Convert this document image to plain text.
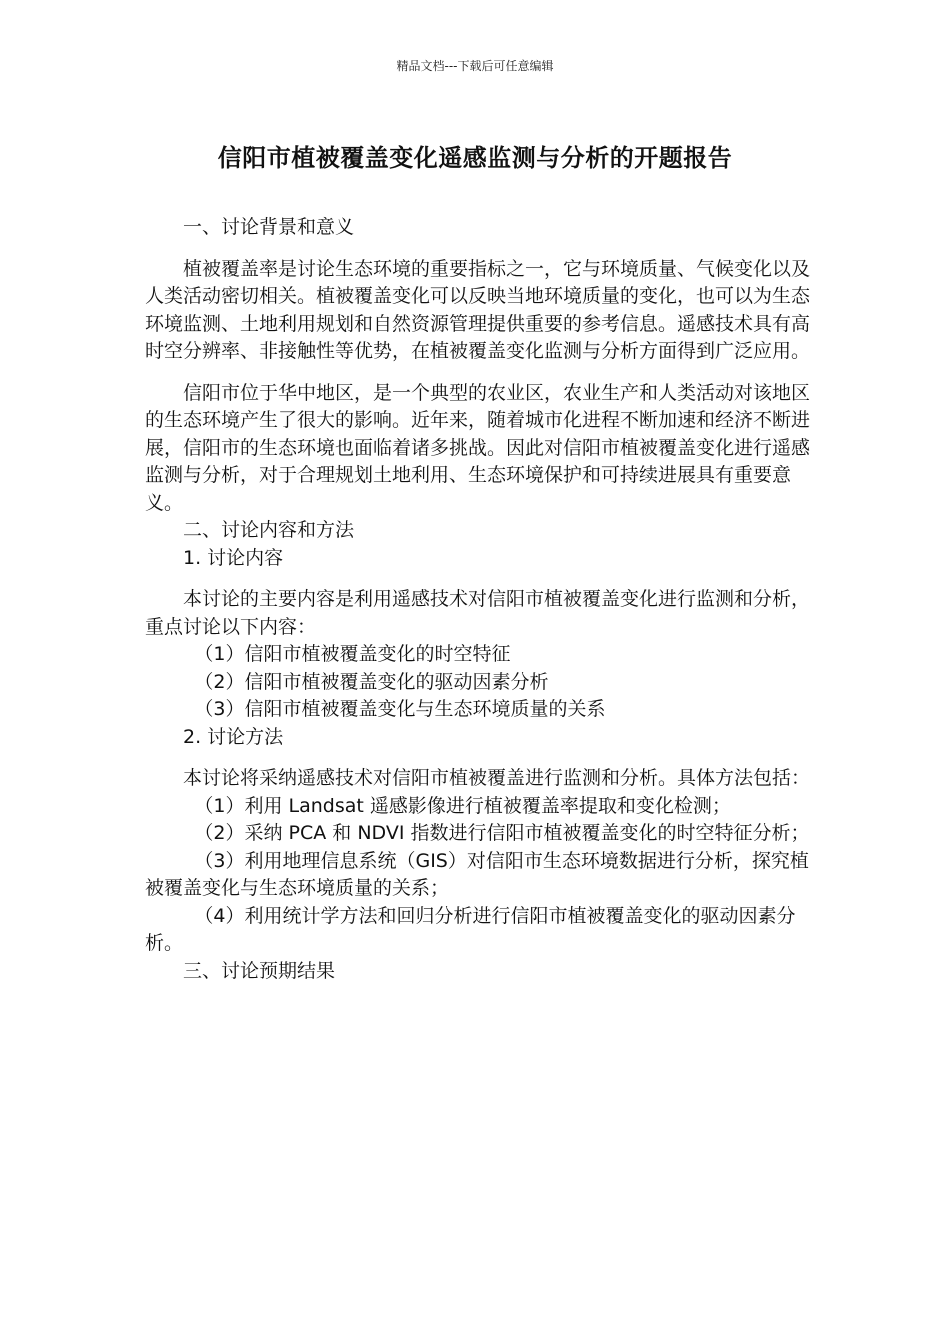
精品文档---下载后可任意编辑
信阳市植被覆盖变化遥感监测与分析的开题报告

一、讨论背景和意义

植被覆盖率是讨论生态环境的重要指标之一，它与环境质量、气候变化以及人类活动密切相关。植被覆盖变化可以反映当地环境质量的变化，也可以为生态环境监测、土地利用规划和自然资源管理提供重要的参考信息。遥感技术具有高时空分辨率、非接触性等优势，在植被覆盖变化监测与分析方面得到广泛应用。

信阳市位于华中地区，是一个典型的农业区，农业生产和人类活动对该地区的生态环境产生了很大的影响。近年来，随着城市化进程不断加速和经济不断进展，信阳市的生态环境也面临着诸多挑战。因此对信阳市植被覆盖变化进行遥感监测与分析，对于合理规划土地利用、生态环境保护和可持续进展具有重要意义。

二、讨论内容和方法

1. 讨论内容

本讨论的主要内容是利用遥感技术对信阳市植被覆盖变化进行监测和分析，重点讨论以下内容：

（1）信阳市植被覆盖变化的时空特征

（2）信阳市植被覆盖变化的驱动因素分析

（3）信阳市植被覆盖变化与生态环境质量的关系

2. 讨论方法

本讨论将采纳遥感技术对信阳市植被覆盖进行监测和分析。具体方法包括：

（1）利用 Landsat 遥感影像进行植被覆盖率提取和变化检测；

（2）采纳 PCA 和 NDVI 指数进行信阳市植被覆盖变化的时空特征分析；

（3）利用地理信息系统（GIS）对信阳市生态环境数据进行分析，探究植被覆盖变化与生态环境质量的关系；

（4）利用统计学方法和回归分析进行信阳市植被覆盖变化的驱动因素分析。

三、讨论预期结果
